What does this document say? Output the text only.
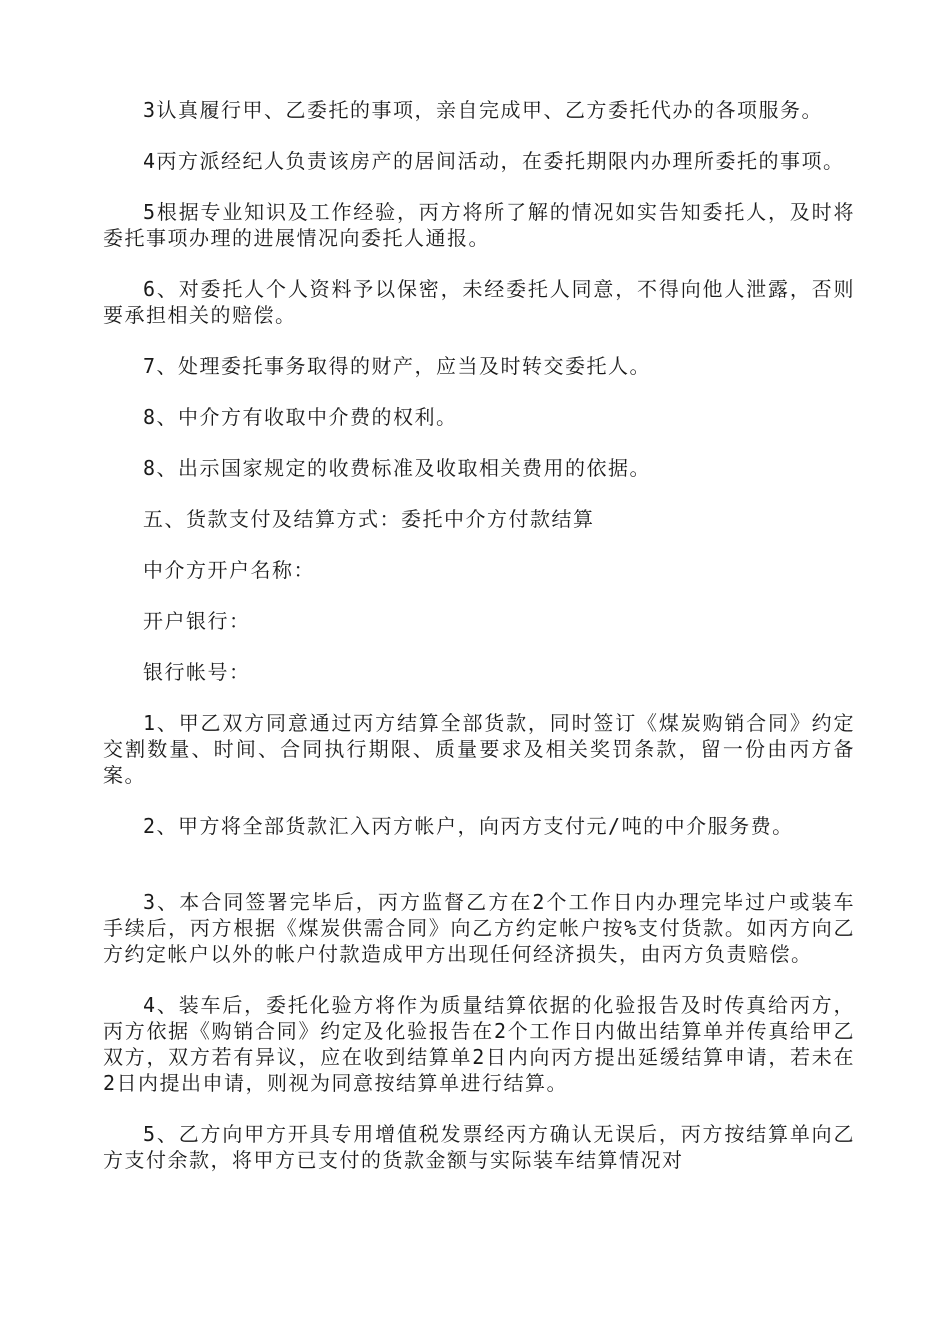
3认真履行甲、乙委托的事项，亲自完成甲、乙方委托代办的各项服务。

4丙方派经纪人负责该房产的居间活动，在委托期限内办理所委托的事项。

5根据专业知识及工作经验，丙方将所了解的情况如实告知委托人，及时将委托事项办理的进展情况向委托人通报。

6、对委托人个人资料予以保密，未经委托人同意，不得向他人泄露，否则要承担相关的赔偿。

7、处理委托事务取得的财产，应当及时转交委托人。

8、中介方有收取中介费的权利。

8、出示国家规定的收费标准及收取相关费用的依据。

五、货款支付及结算方式：委托中介方付款结算

中介方开户名称：

开户银行：

银行帐号：

1、甲乙双方同意通过丙方结算全部货款，同时签订《煤炭购销合同》约定交割数量、时间、合同执行期限、质量要求及相关奖罚条款，留一份由丙方备案。

2、甲方将全部货款汇入丙方帐户，向丙方支付元/吨的中介服务费。

3、本合同签署完毕后，丙方监督乙方在2个工作日内办理完毕过户或装车手续后，丙方根据《煤炭供需合同》向乙方约定帐户按%支付货款。如丙方向乙方约定帐户以外的帐户付款造成甲方出现任何经济损失，由丙方负责赔偿。

4、装车后，委托化验方将作为质量结算依据的化验报告及时传真给丙方，丙方依据《购销合同》约定及化验报告在2个工作日内做出结算单并传真给甲乙双方，双方若有异议，应在收到结算单2日内向丙方提出延缓结算申请，若未在2日内提出申请，则视为同意按结算单进行结算。

5、乙方向甲方开具专用增值税发票经丙方确认无误后，丙方按结算单向乙方支付余款，将甲方已支付的货款金额与实际装车结算情况对
